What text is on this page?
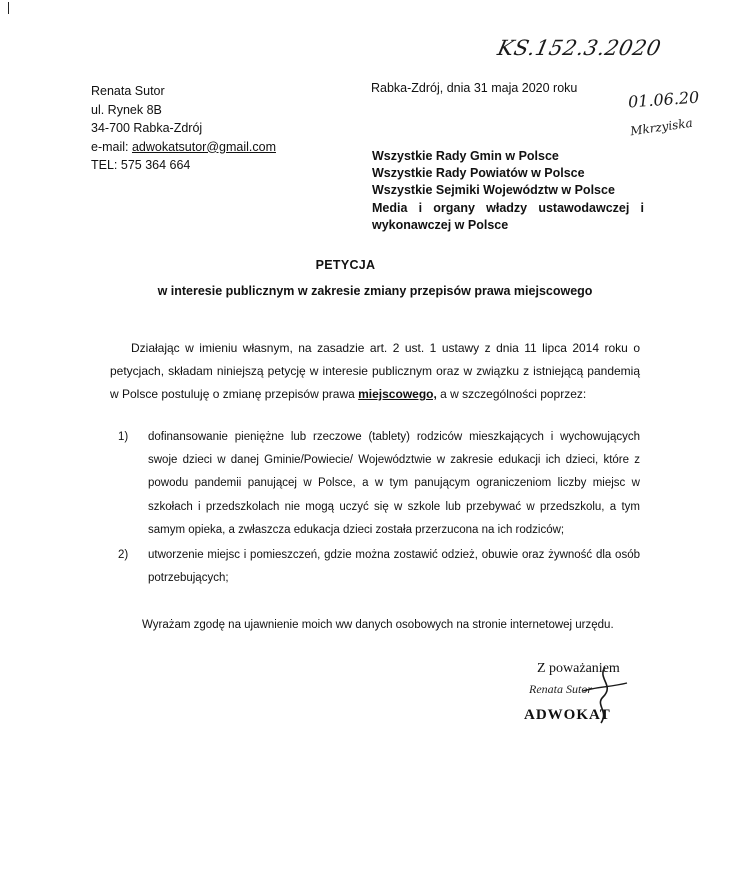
KS.152.3.2020
01.06.20
Mkrzyiska
Renata Sutor
ul. Rynek 8B
34-700 Rabka-Zdrój
e-mail: adwokatsutor@gmail.com
TEL: 575 364 664
Rabka-Zdrój, dnia 31 maja 2020 roku
Wszystkie Rady Gmin w Polsce
Wszystkie Rady Powiatów w Polsce
Wszystkie Sejmiki Województw w Polsce
Media i organy władzy ustawodawczej i
wykonawczej w Polsce
PETYCJA
w interesie publicznym w zakresie zmiany przepisów prawa miejscowego

Działając w imieniu własnym, na zasadzie art. 2 ust. 1 ustawy z dnia 11 lipca 2014 roku o petycjach, składam niniejszą petycję w interesie publicznym oraz w związku z istniejącą pandemią w Polsce postuluję o zmianę przepisów prawa miejscowego, a w szczególności poprzez:

1) dofinansowanie pieniężne lub rzeczowe (tablety) rodziców mieszkających i wychowujących swoje dzieci w danej Gminie/Powiecie/ Województwie w zakresie edukacji ich dzieci, które z powodu pandemii panującej w Polsce, a w tym panującym ograniczeniom liczby miejsc w szkołach i przedszkolach nie mogą uczyć się w szkole lub przebywać w przedszkolu, a tym samym opieka, a zwłaszcza edukacja dzieci została przerzucona na ich rodziców;
2) utworzenie miejsc i pomieszczeń, gdzie można zostawić odzież, obuwie oraz żywność dla osób potrzebujących;
Wyrażam zgodę na ujawnienie moich ww danych osobowych na stronie internetowej urzędu.
Z poważaniem
Renata Sutor
ADWOKAT
